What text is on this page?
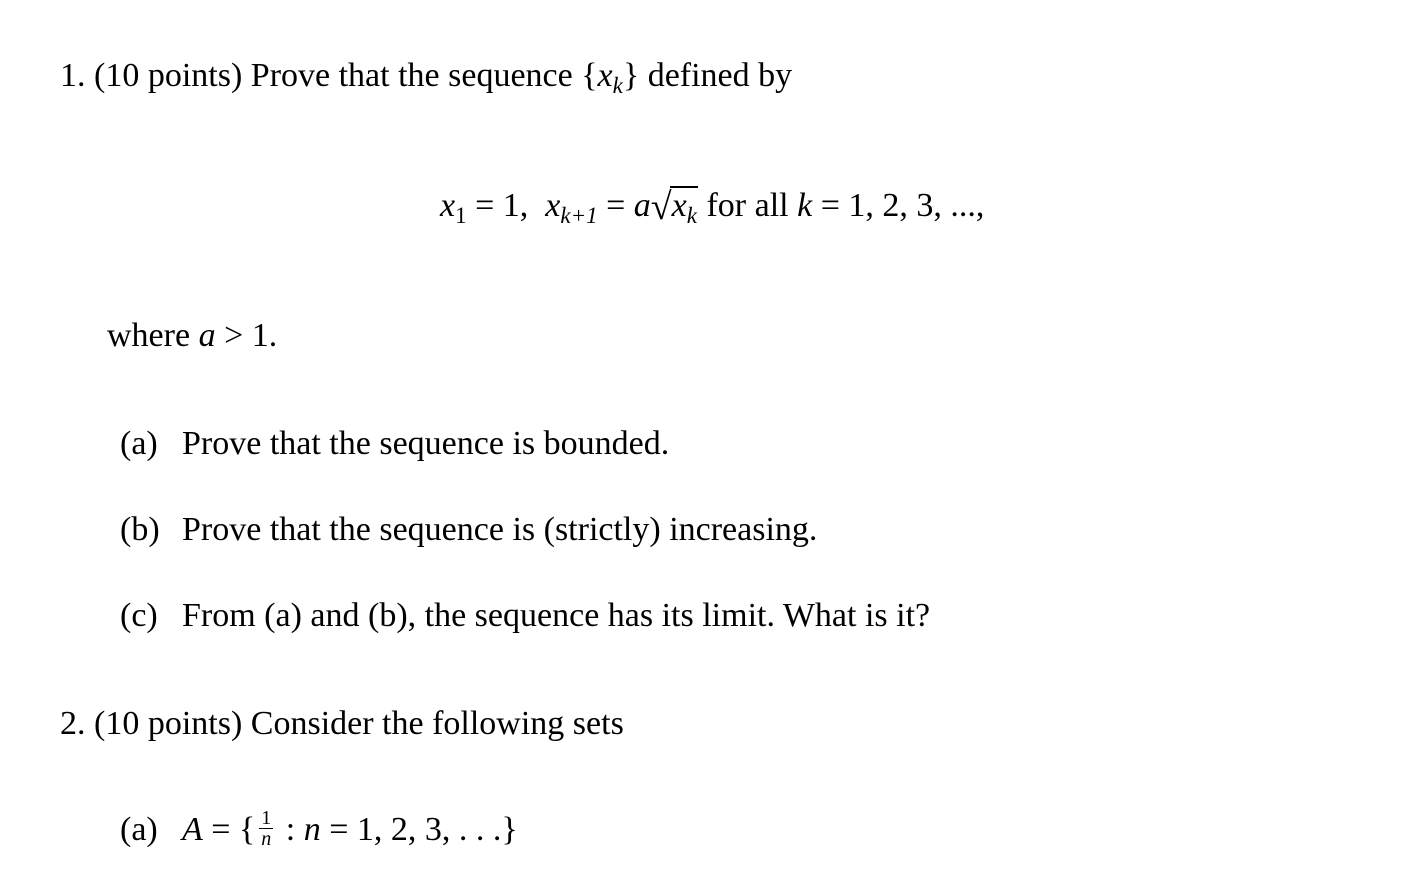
1. (10 points) Prove that the sequence $\{x_k\}$ defined by
$x_1 = 1$, $x_{k+1} = a√x_k$ for all k = 1, 2, 3, ...,
where a > 1.
(a) Prove that the sequence is bounded.
(b) Prove that the sequence is (strictly) increasing.
(c) From (a) and (b), the sequence has its limit. What is it?
2. (10 points) Consider the following sets
(a) A = { $\frac{1}{n}$ : n = 1, 2, 3, . . .}
